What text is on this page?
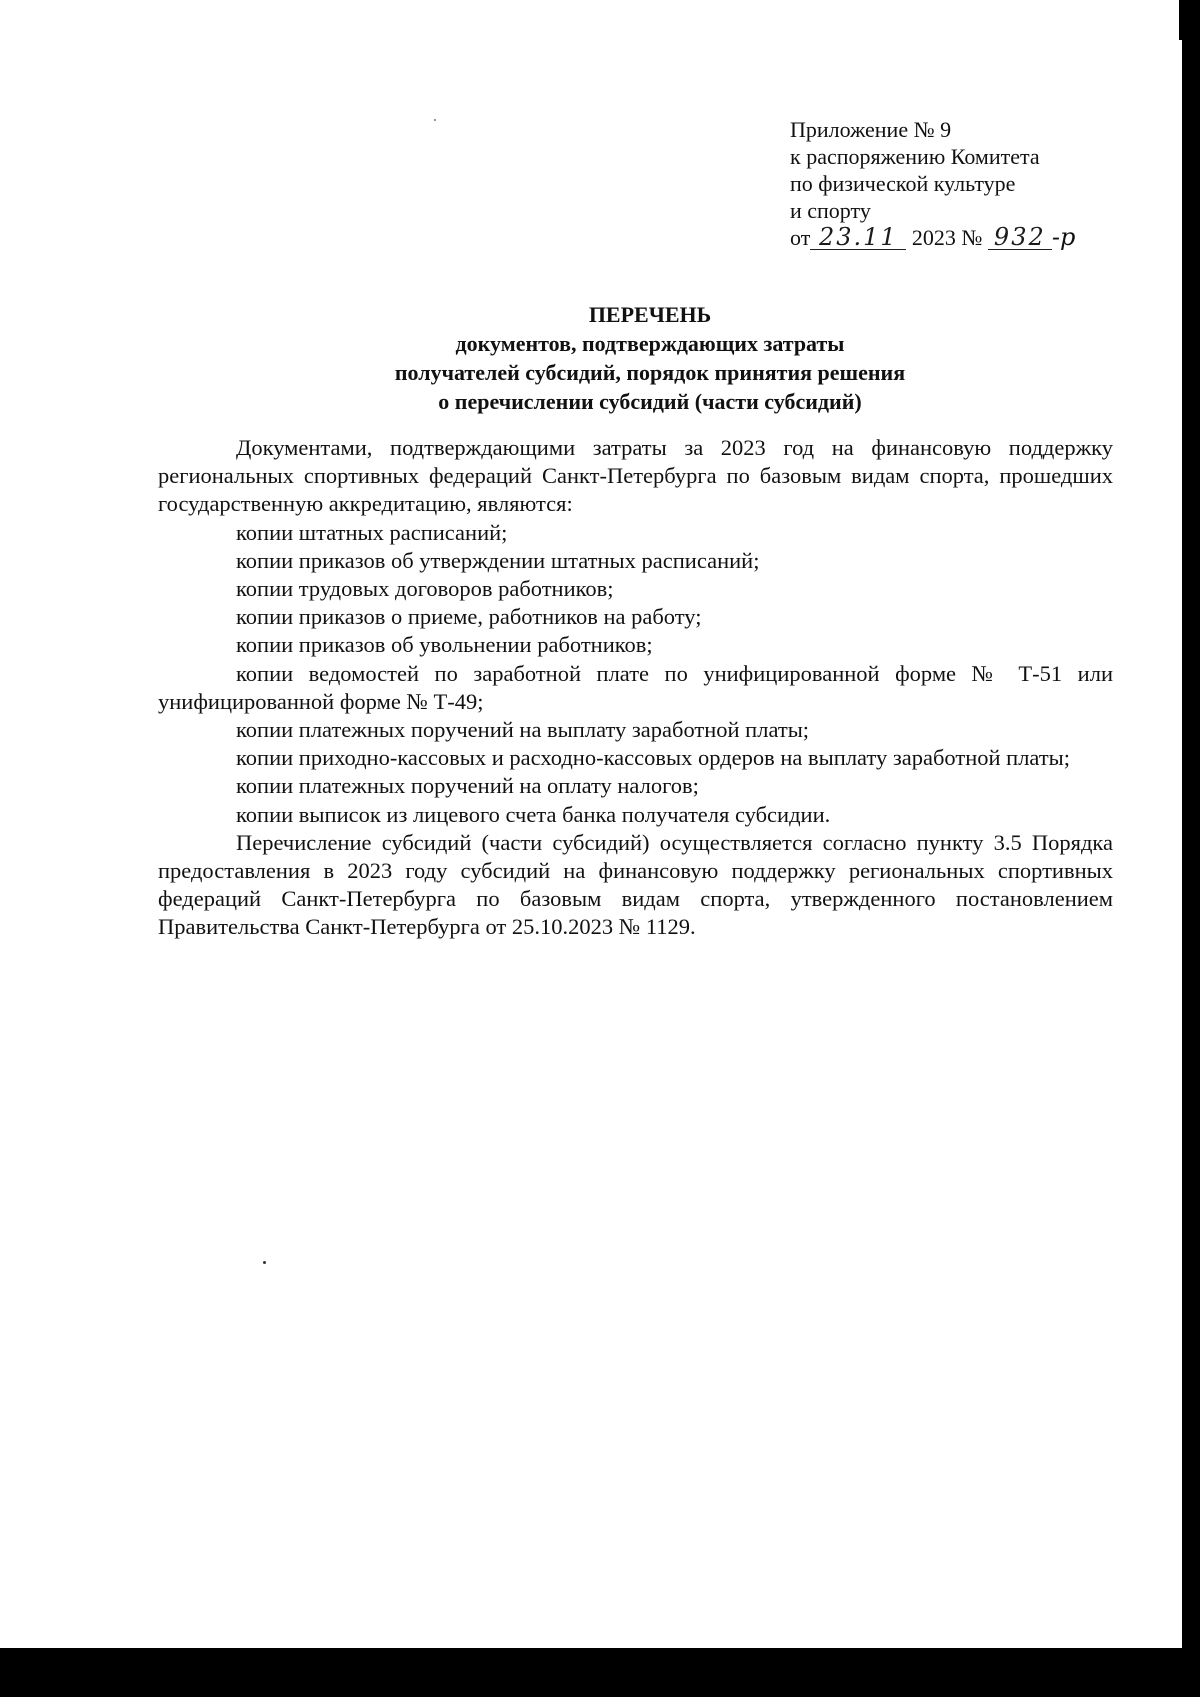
Приложение № 9
к распоряжению Комитета
по физической культуре
и спорту
от 23.11 2023 № 932 -р
ПЕРЕЧЕНЬ
документов, подтверждающих затраты
получателей субсидий, порядок принятия решения
о перечислении субсидий (части субсидий)

Документами, подтверждающими затраты за 2023 год на финансовую поддержку региональных спортивных федераций Санкт-Петербурга по базовым видам спорта, прошедших государственную аккредитацию, являются:

копии штатных расписаний;

копии приказов об утверждении штатных расписаний;

копии трудовых договоров работников;

копии приказов о приеме, работников на работу;

копии приказов об увольнении работников;

копии ведомостей по заработной плате по унифицированной форме № Т-51 или унифицированной форме № Т-49;

копии платежных поручений на выплату заработной платы;

копии приходно-кассовых и расходно-кассовых ордеров на выплату заработной платы;

копии платежных поручений на оплату налогов;

копии выписок из лицевого счета банка получателя субсидии.

Перечисление субсидий (части субсидий) осуществляется согласно пункту 3.5 Порядка предоставления в 2023 году субсидий на финансовую поддержку региональных спортивных федераций Санкт-Петербурга по базовым видам спорта, утвержденного постановлением Правительства Санкт-Петербурга от 25.10.2023 № 1129.
